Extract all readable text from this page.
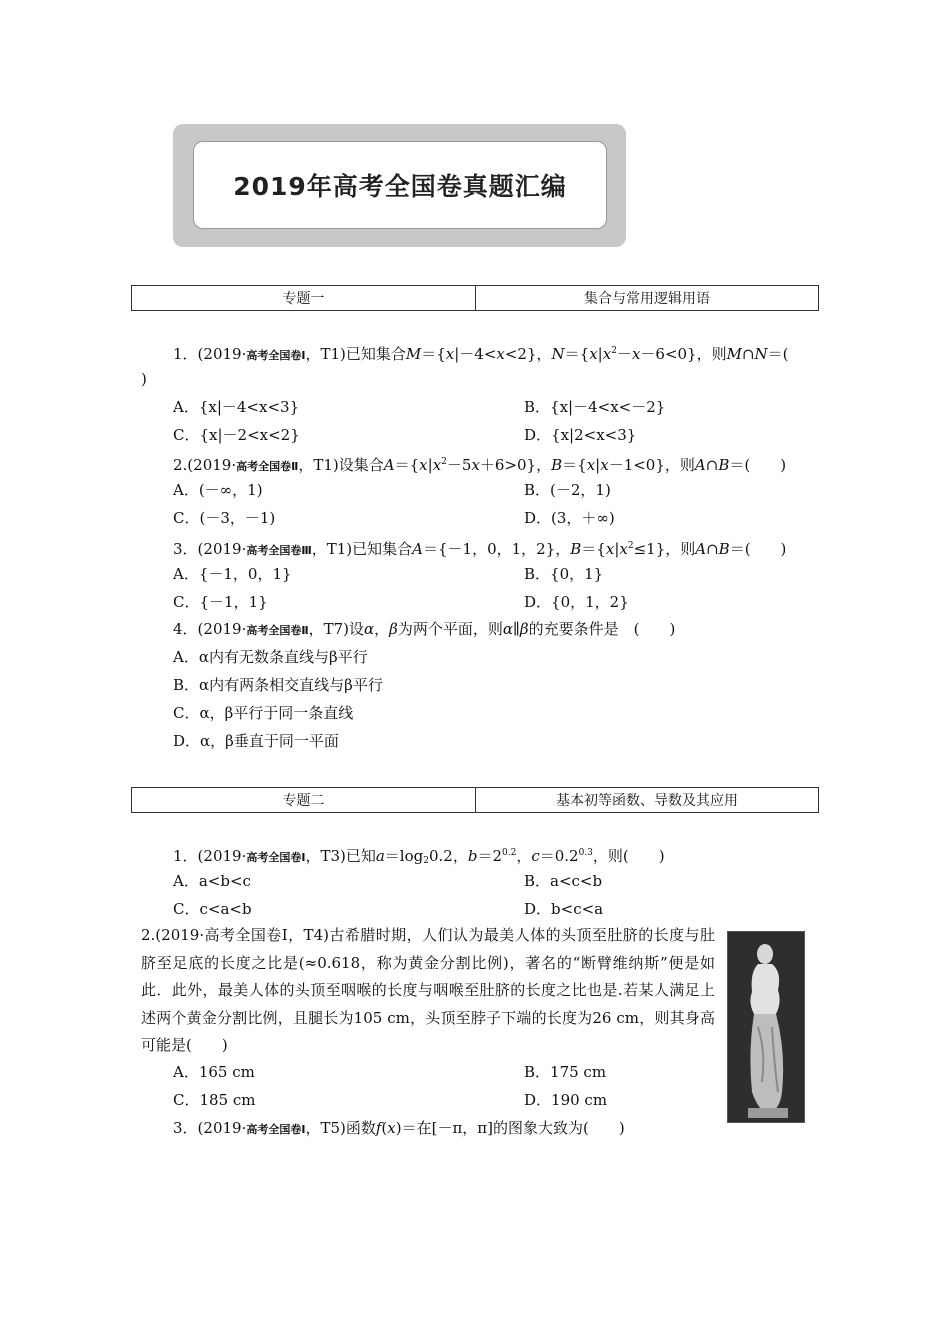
2019年高考全国卷真题汇编
专题一	集合与常用逻辑用语
1．(2019·高考全国卷Ⅰ，T1)已知集合M＝{x|－4<x<2}，$N=\{x|x^2-x-6<0\}$，则M∩N＝(
)
A．{x|－4<x<3}	B．{x|－4<x<－2}
C．{x|－2<x<2}	D．{x|2<x<3}
2.(2019·高考全国卷Ⅱ，T1)设集合$A=\{x|x^2-5x+6>0\}$，B＝{x|x－1<0}，则A∩B＝(　　)
A．(－∞，1)	B．(－2，1)
C．(－3，－1)	D．(3，＋∞)
3．(2019·高考全国卷Ⅲ，T1)已知集合A＝{－1，0，1，2}，$B=\{x|x^2\le 1\}$，则A∩B＝(　　)
A．{－1，0，1}	B．{0，1}
C．{－1，1}	D．{0，1，2}
4．(2019·高考全国卷Ⅱ，T7)设α，β为两个平面，则α∥β的充要条件是　(　　)
A．α内有无数条直线与β平行
B．α内有两条相交直线与β平行
C．α，β平行于同一条直线
D．α，β垂直于同一平面
专题二	基本初等函数、导数及其应用
1．(2019·高考全国卷Ⅰ，T3)已知$a=\log_20.2$，$b=2^{0.2}$，$c=0.2^{0.3}$，则(　　)
A．a<b<c	B．a<c<b
C．c<a<b	D．b<c<a
2.(2019·高考全国卷Ⅰ，T4)古希腊时期，人们认为最美人体的头顶至肚脐的长度与肚脐至足底的长度之比是(≈0.618，称为黄金分割比例)，著名的“断臂维纳斯”便是如此．此外，最美人体的头顶至咽喉的长度与咽喉至肚脐的长度之比也是.若某人满足上述两个黄金分割比例，且腿长为105 cm，头顶至脖子下端的长度为26 cm，则其身高可能是(　　)
A．165 cm	B．175 cm
C．185 cm	D．190 cm
3．(2019·高考全国卷Ⅰ，T5)函数f(x)＝在[－π，π]的图象大致为(　　)
